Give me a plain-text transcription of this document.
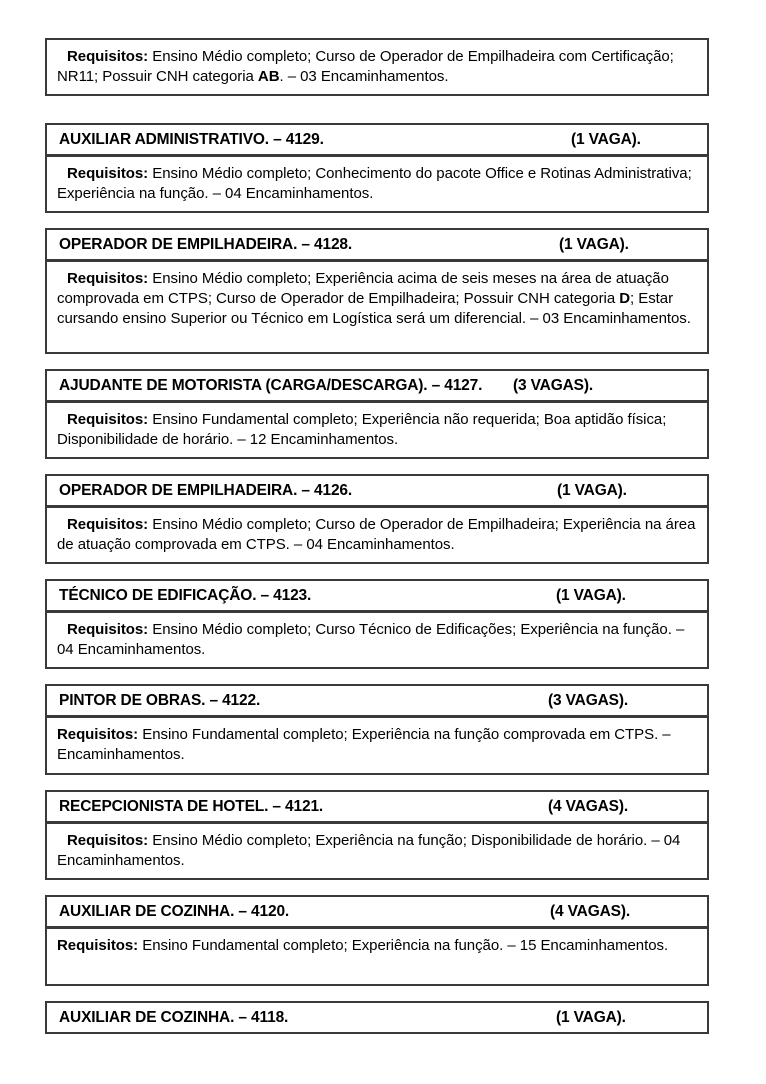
Requisitos: Ensino Médio completo; Curso de Operador de Empilhadeira com Certificação; NR11; Possuir CNH categoria AB. – 03 Encaminhamentos.

AUXILIAR ADMINISTRATIVO. – 4129.	(1 VAGA).

Requisitos: Ensino Médio completo; Conhecimento do pacote Office e Rotinas Administrativa; Experiência na função. – 04 Encaminhamentos.

OPERADOR DE EMPILHADEIRA. – 4128.	(1 VAGA).

Requisitos: Ensino Médio completo; Experiência acima de seis meses na área de atuação comprovada em CTPS; Curso de Operador de Empilhadeira; Possuir CNH categoria D; Estar cursando ensino Superior ou Técnico em Logística será um diferencial. – 03 Encaminhamentos.

AJUDANTE DE MOTORISTA (CARGA/DESCARGA). – 4127. (3 VAGAS).

Requisitos: Ensino Fundamental completo; Experiência não requerida; Boa aptidão física; Disponibilidade de horário. – 12 Encaminhamentos.

OPERADOR DE EMPILHADEIRA. – 4126.	(1 VAGA).

Requisitos: Ensino Médio completo; Curso de Operador de Empilhadeira; Experiência na área de atuação comprovada em CTPS. – 04 Encaminhamentos.

TÉCNICO DE EDIFICAÇÃO. – 4123.	(1 VAGA).

Requisitos: Ensino Médio completo; Curso Técnico de Edificações; Experiência na função. – 04 Encaminhamentos.

PINTOR DE OBRAS. – 4122.	(3 VAGAS).

Requisitos: Ensino Fundamental completo; Experiência na função comprovada em CTPS. – Encaminhamentos.

RECEPCIONISTA DE HOTEL. – 4121.	(4 VAGAS).

Requisitos: Ensino Médio completo; Experiência na função; Disponibilidade de horário. – 04 Encaminhamentos.

AUXILIAR DE COZINHA. – 4120.	(4 VAGAS).

Requisitos: Ensino Fundamental completo; Experiência na função. – 15 Encaminhamentos.

AUXILIAR DE COZINHA. – 4118.	(1 VAGA).
